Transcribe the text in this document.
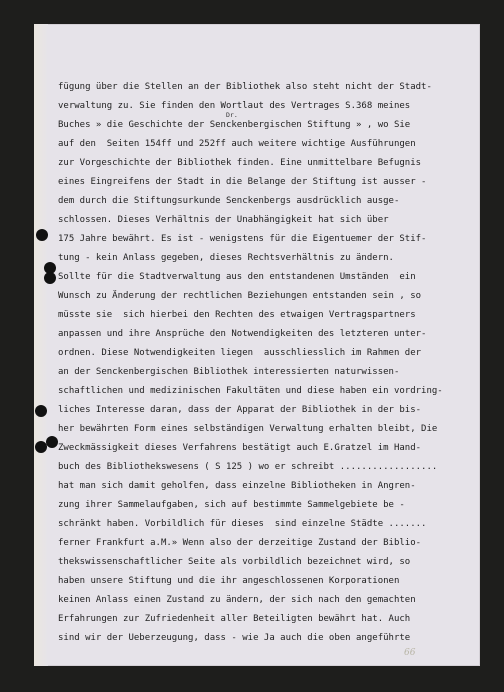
Dr.
fügung über die Stellen an der Bibliothek also steht nicht der Stadt-
verwaltung zu. Sie finden den Wortlaut des Vertrages S.368 meines
Buches » die Geschichte der Senckenbergischen Stiftung » , wo Sie
auf den  Seiten 154ff und 252ff auch weitere wichtige Ausführungen
zur Vorgeschichte der Bibliothek finden. Eine unmittelbare Befugnis
eines Eingreifens der Stadt in die Belange der Stiftung ist ausser -
dem durch die Stiftungsurkunde Senckenbergs ausdrücklich ausge-
schlossen. Dieses Verhältnis der Unabhängigkeit hat sich über
175 Jahre bewährt. Es ist - wenigstens für die Eigentuemer der Stif-
tung - kein Anlass gegeben, dieses Rechtsverhältnis zu ändern.
Sollte für die Stadtverwaltung aus den entstandenen Umständen  ein
Wunsch zu Änderung der rechtlichen Beziehungen entstanden sein , so
müsste sie  sich hierbei den Rechten des etwaigen Vertragspartners
anpassen und ihre Ansprüche den Notwendigkeiten des letzteren unter-
ordnen. Diese Notwendigkeiten liegen  ausschliesslich im Rahmen der
an der Senckenbergischen Bibliothek interessierten naturwissen-
schaftlichen und medizinischen Fakultäten und diese haben ein vordring-
liches Interesse daran, dass der Apparat der Bibliothek in der bis-
her bewährten Form eines selbständigen Verwaltung erhalten bleibt, Die
Zweckmässigkeit dieses Verfahrens bestätigt auch E.Gratzel im Hand-
buch des Bibliothekswesens ( S 125 ) wo er schreibt ..................
hat man sich damit geholfen, dass einzelne Bibliotheken in Angren-
zung ihrer Sammelaufgaben, sich auf bestimmte Sammelgebiete be -
schränkt haben. Vorbildlich für dieses  sind einzelne Städte .......
ferner Frankfurt a.M.» Wenn also der derzeitige Zustand der Biblio-
thekswissenschaftlicher Seite als vorbildlich bezeichnet wird, so
haben unsere Stiftung und die ihr angeschlossenen Korporationen
keinen Anlass einen Zustand zu ändern, der sich nach den gemachten
Erfahrungen zur Zufriedenheit aller Beteiligten bewährt hat. Auch
sind wir der Ueberzeugung, dass - wie Ja auch die oben angeführte
66
